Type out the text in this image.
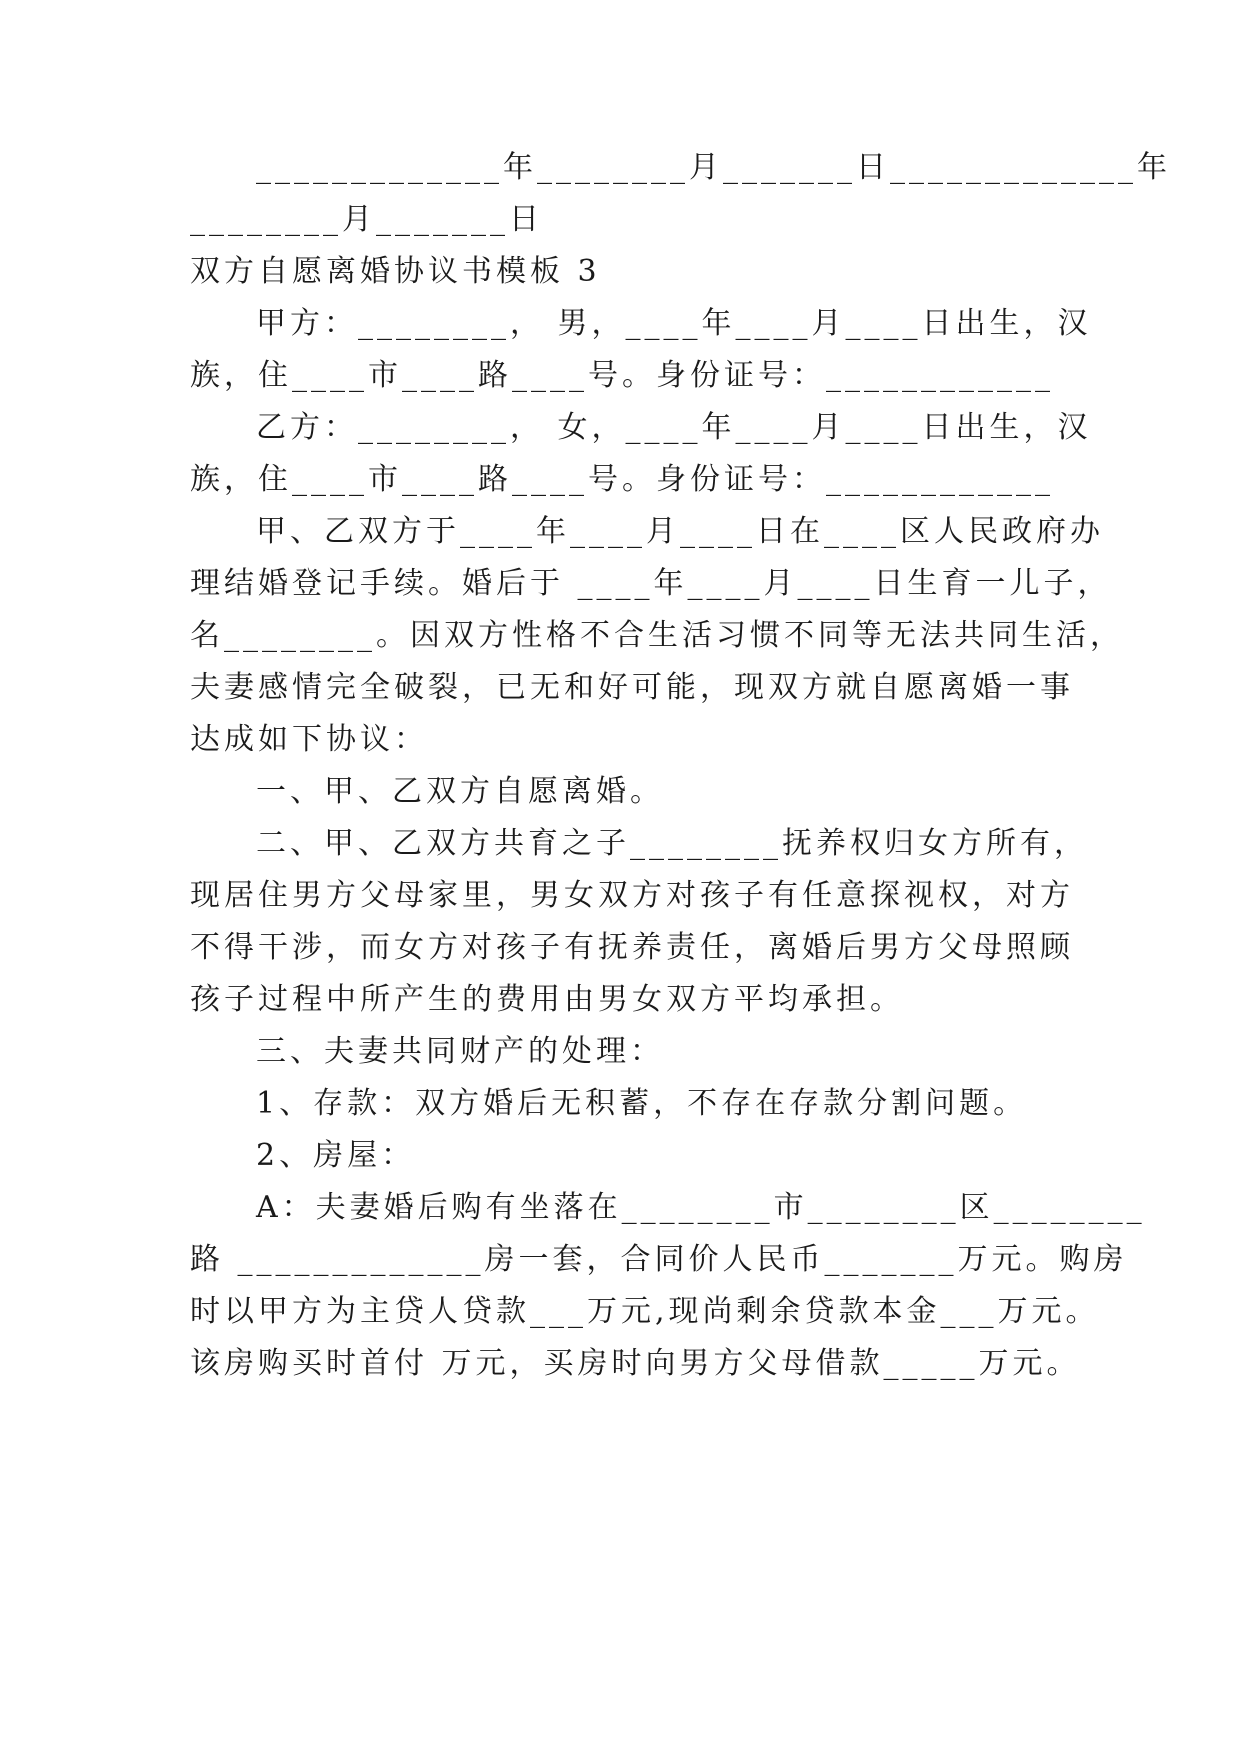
_____________年________月_______日_____________年
________月_______日
双方自愿离婚协议书模板 3
甲方：________， 男，____年____月____日出生，汉
族，住____市____路____号。身份证号：____________
乙方：________， 女，____年____月____日出生，汉
族，住____市____路____号。身份证号：____________
甲、乙双方于____年____月____日在____区人民政府办
理结婚登记手续。婚后于 ____年____月____日生育一儿子，
名________。因双方性格不合生活习惯不同等无法共同生活，
夫妻感情完全破裂，已无和好可能，现双方就自愿离婚一事
达成如下协议：
一、甲、乙双方自愿离婚。
二、甲、乙双方共育之子________抚养权归女方所有，
现居住男方父母家里，男女双方对孩子有任意探视权，对方
不得干涉，而女方对孩子有抚养责任，离婚后男方父母照顾
孩子过程中所产生的费用由男女双方平均承担。
三、夫妻共同财产的处理：
1、存款：双方婚后无积蓄，不存在存款分割问题。
2、房屋：
A：夫妻婚后购有坐落在________市________区________
路 _____________房一套，合同价人民币_______万元。购房
时以甲方为主贷人贷款___万元,现尚剩余贷款本金___万元。
该房购买时首付 万元，买房时向男方父母借款_____万元。
